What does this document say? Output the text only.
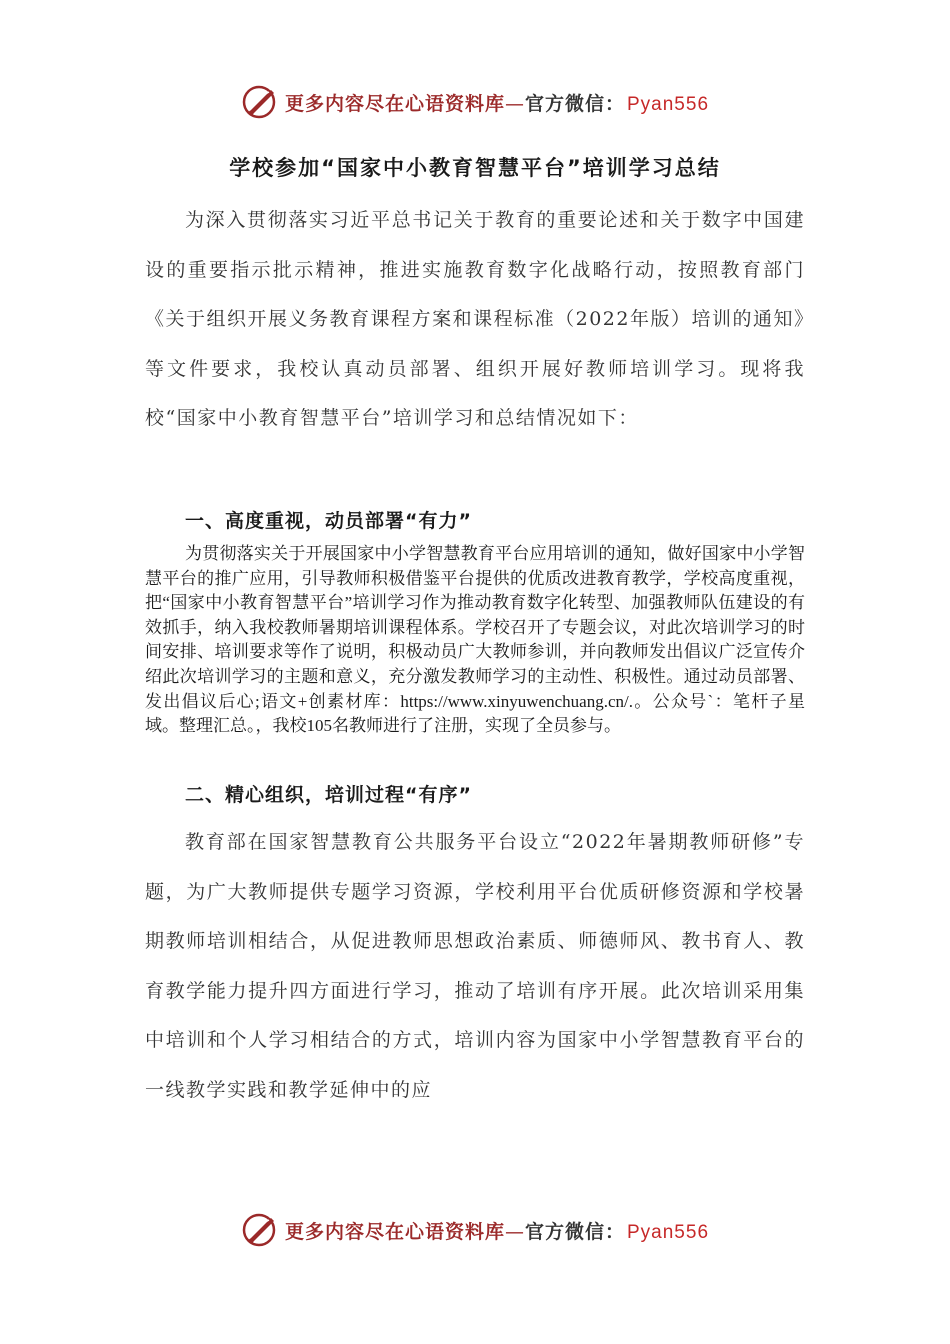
更多内容尽在心语资料库—官方微信： Pyan556
学校参加“国家中小教育智慧平台”培训学习总结

为深入贯彻落实习近平总书记关于教育的重要论述和关于数字中国建设的重要指示批示精神，推进实施教育数字化战略行动，按照教育部门《关于组织开展义务教育课程方案和课程标准（2022年版）培训的通知》等文件要求，我校认真动员部署、组织开展好教师培训学习。现将我校“国家中小教育智慧平台”培训学习和总结情况如下：

一、高度重视，动员部署“有力”

为贯彻落实关于开展国家中小学智慧教育平台应用培训的通知，做好国家中小学智慧平台的推广应用，引导教师积极借鉴平台提供的优质改进教育教学，学校高度重视，把“国家中小教育智慧平台”培训学习作为推动教育数字化转型、加强教师队伍建设的有效抓手，纳入我校教师暑期培训课程体系。学校召开了专题会议，对此次培训学习的时间安排、培训要求等作了说明，积极动员广大教师参训，并向教师发出倡议广泛宣传介绍此次培训学习的主题和意义，充分激发教师学习的主动性、积极性。通过动员部署、发出倡议后心;语文+创素材库：https://www.xinyuwenchuang.cn/.。公众号`：笔杆子星域。整理汇总。，我校105名教师进行了注册，实现了全员参与。

二、精心组织，培训过程“有序”

教育部在国家智慧教育公共服务平台设立“2022年暑期教师研修”专题，为广大教师提供专题学习资源，学校利用平台优质研修资源和学校暑期教师培训相结合，从促进教师思想政治素质、师德师风、教书育人、教育教学能力提升四方面进行学习，推动了培训有序开展。此次培训采用集中培训和个人学习相结合的方式，培训内容为国家中小学智慧教育平台的一线教学实践和教学延伸中的应

更多内容尽在心语资料库—官方微信： Pyan556
